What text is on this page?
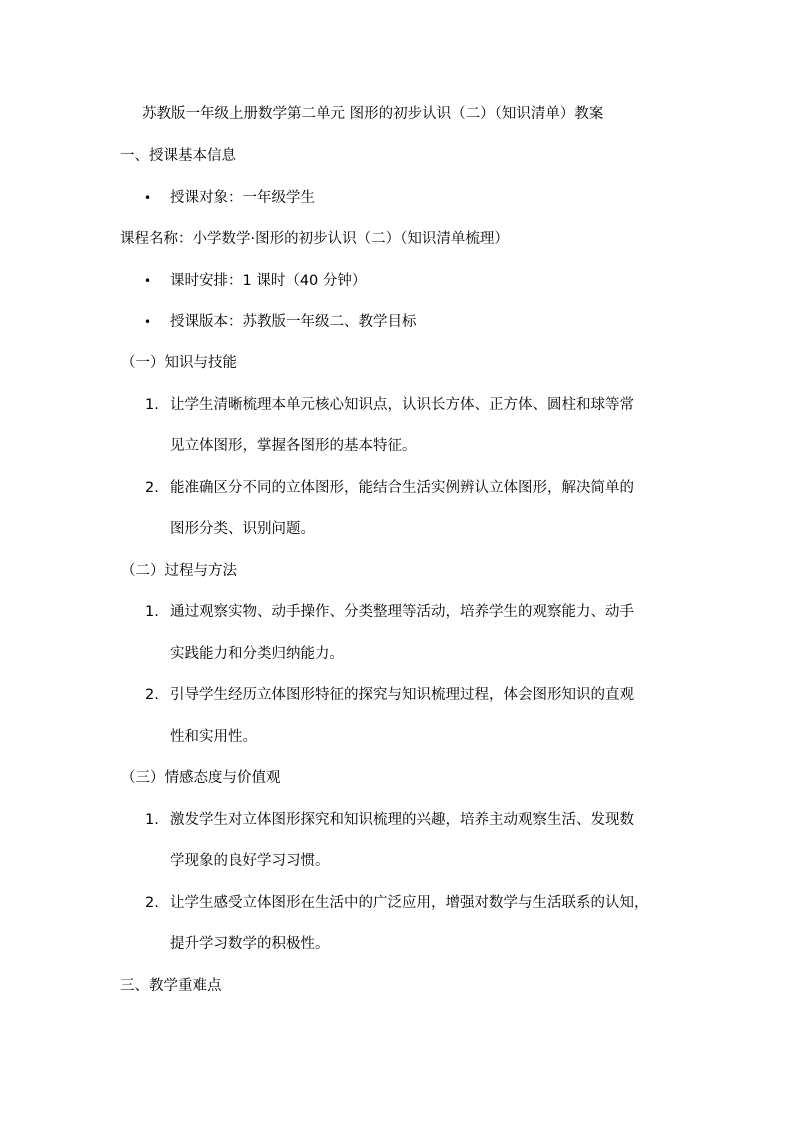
苏教版一年级上册数学第二单元 图形的初步认识（二）（知识清单）教案
一、授课基本信息
• 授课对象：一年级学生
课程名称：小学数学·图形的初步认识（二）（知识清单梳理）
• 课时安排：1 课时（40 分钟）
• 授课版本：苏教版一年级二、教学目标
（一）知识与技能
1. 让学生清晰梳理本单元核心知识点，认识长方体、正方体、圆柱和球等常
见立体图形，掌握各图形的基本特征。
2. 能准确区分不同的立体图形，能结合生活实例辨认立体图形，解决简单的
图形分类、识别问题。
（二）过程与方法
1. 通过观察实物、动手操作、分类整理等活动，培养学生的观察能力、动手
实践能力和分类归纳能力。
2. 引导学生经历立体图形特征的探究与知识梳理过程，体会图形知识的直观
性和实用性。
（三）情感态度与价值观
1. 激发学生对立体图形探究和知识梳理的兴趣，培养主动观察生活、发现数
学现象的良好学习习惯。
2. 让学生感受立体图形在生活中的广泛应用，增强对数学与生活联系的认知，
提升学习数学的积极性。
三、教学重难点
